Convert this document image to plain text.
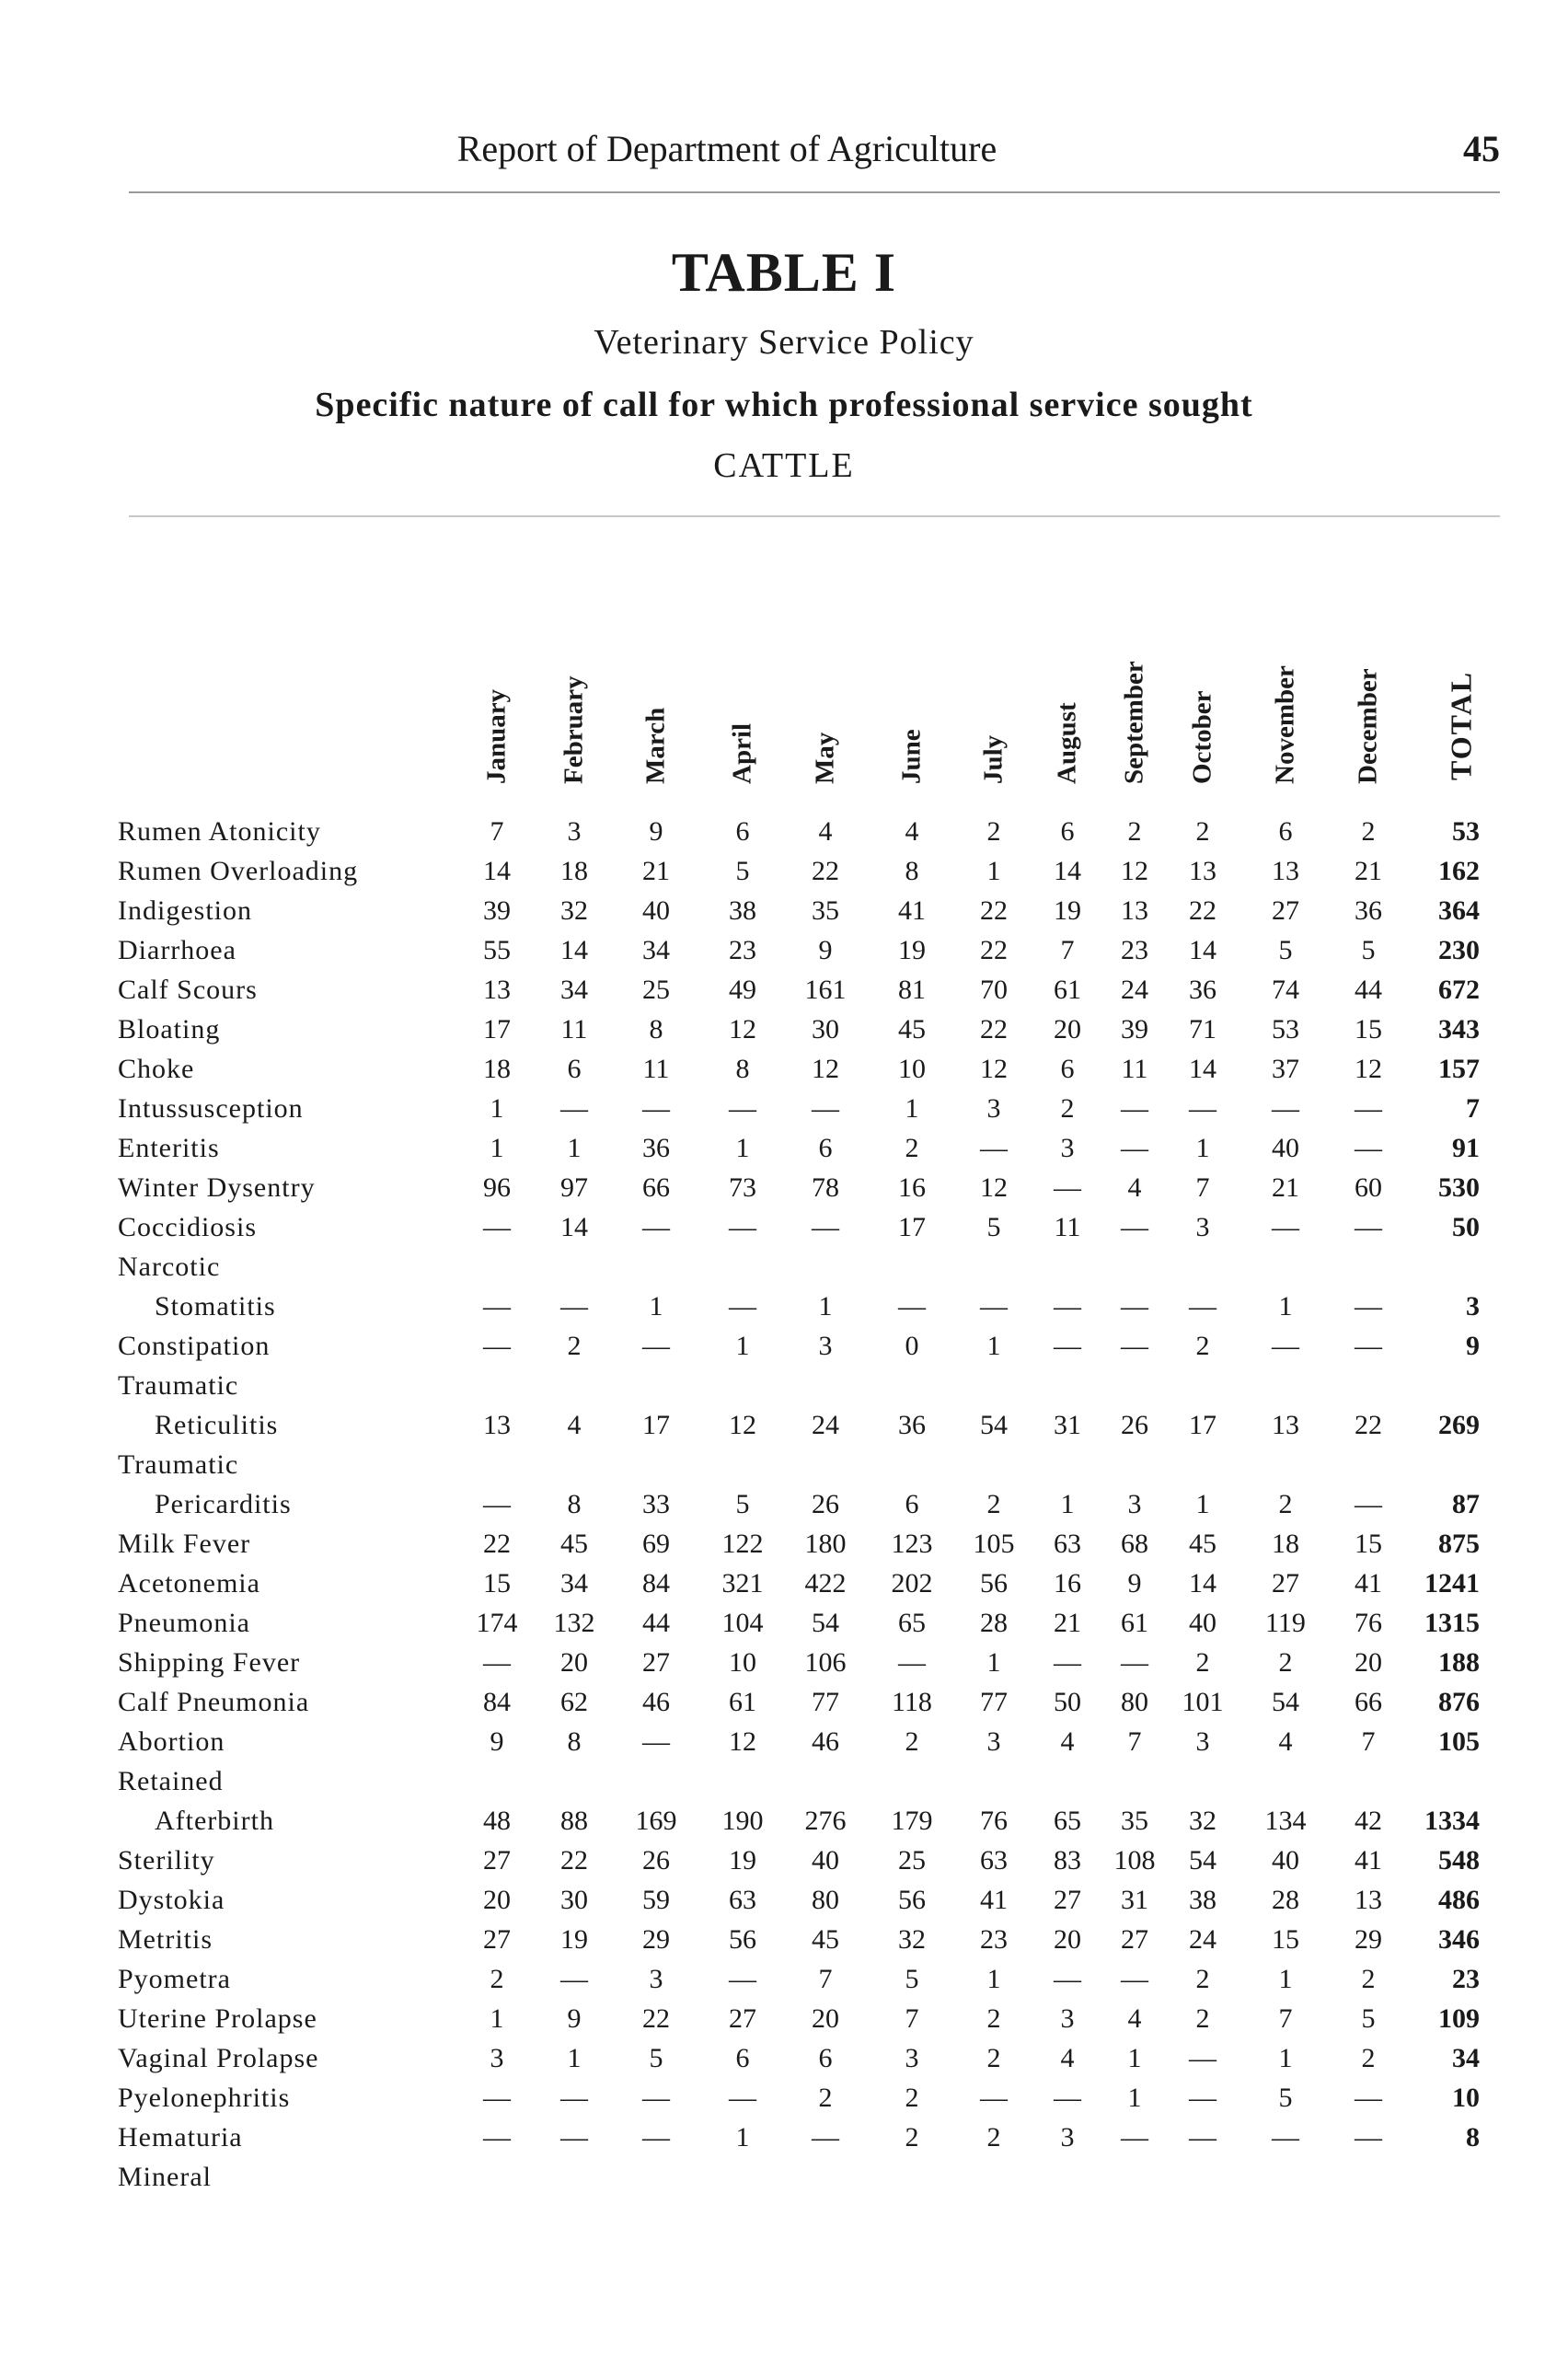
Report of Department of Agriculture	45
TABLE I
Veterinary Service Policy
Specific nature of call for which professional service sought
CATTLE
January February March April May June July August September October November December TOTAL
Rumen Atonicity	7	3	9	6	4	4	2	6	2	2	6	2	53
Rumen Overloading	14	18	21	5	22	8	1	14	12	13	13	21	162
Indigestion	39	32	40	38	35	41	22	19	13	22	27	36	364
Diarrhoea	55	14	34	23	9	19	22	7	23	14	5	5	230
Calf Scours	13	34	25	49	161	81	70	61	24	36	74	44	672
Bloating	17	11	8	12	30	45	22	20	39	71	53	15	343
Choke	18	6	11	8	12	10	12	6	11	14	37	12	157
Intussusception	1	—	—	—	—	1	3	2	—	—	—	—	7
Enteritis	1	1	36	1	6	2	—	3	—	1	40	—	91
Winter Dysentry	96	97	66	73	78	16	12	—	4	7	21	60	530
Coccidiosis	—	14	—	—	—	17	5	11	—	3	—	—	50
Narcotic
Stomatitis	—	—	1	—	1	—	—	—	—	—	1	—	3
Constipation	—	2	—	1	3	0	1	—	—	2	—	—	9
Traumatic
Reticulitis	13	4	17	12	24	36	54	31	26	17	13	22	269
Traumatic
Pericarditis	—	8	33	5	26	6	2	1	3	1	2	—	87
Milk Fever	22	45	69	122	180	123	105	63	68	45	18	15	875
Acetonemia	15	34	84	321	422	202	56	16	9	14	27	41	1241
Pneumonia	174	132	44	104	54	65	28	21	61	40	119	76	1315
Shipping Fever	—	20	27	10	106	—	1	—	—	2	2	20	188
Calf Pneumonia	84	62	46	61	77	118	77	50	80	101	54	66	876
Abortion	9	8	—	12	46	2	3	4	7	3	4	7	105
Retained
Afterbirth	48	88	169	190	276	179	76	65	35	32	134	42	1334
Sterility	27	22	26	19	40	25	63	83	108	54	40	41	548
Dystokia	20	30	59	63	80	56	41	27	31	38	28	13	486
Metritis	27	19	29	56	45	32	23	20	27	24	15	29	346
Pyometra	2	—	3	—	7	5	1	—	—	2	1	2	23
Uterine Prolapse	1	9	22	27	20	7	2	3	4	2	7	5	109
Vaginal Prolapse	3	1	5	6	6	3	2	4	1	—	1	2	34
Pyelonephritis	—	—	—	—	2	2	—	—	1	—	5	—	10
Hematuria	—	—	—	1	—	2	2	3	—	—	—	—	8
Mineral
